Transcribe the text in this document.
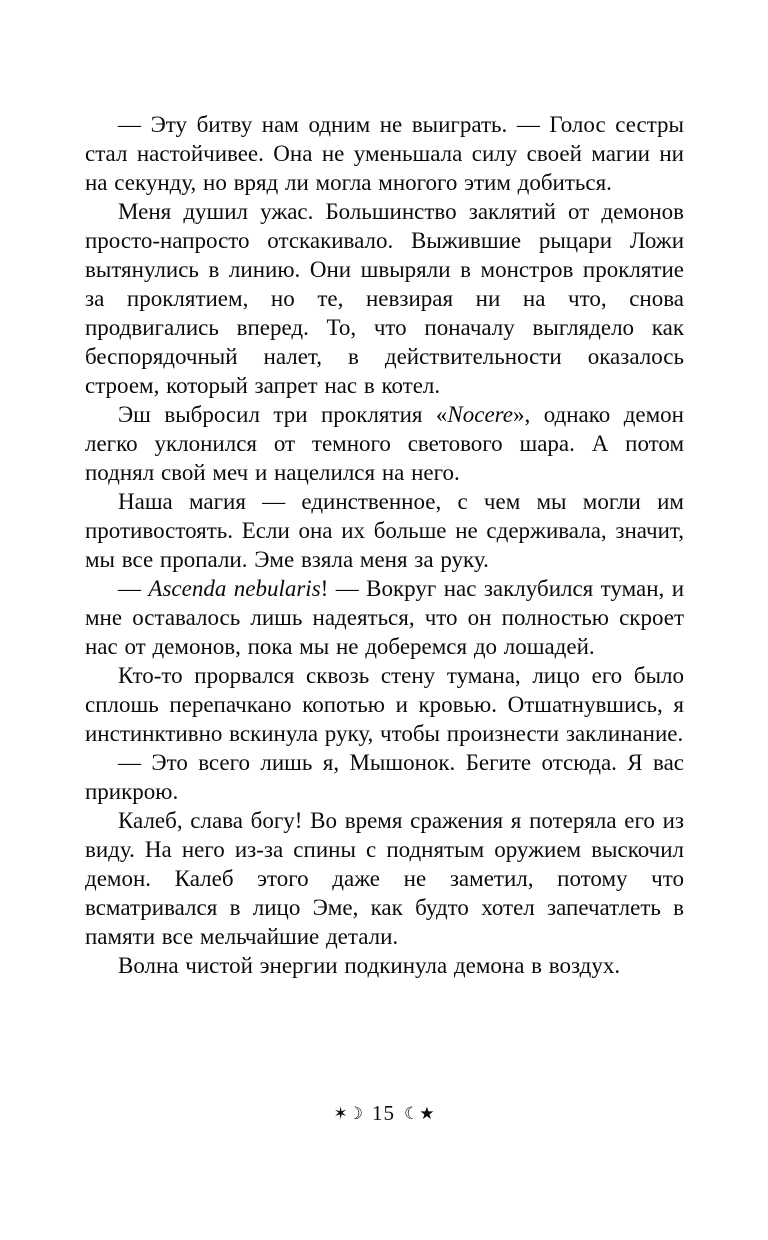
— Эту битву нам одним не выиграть. — Голос сестры стал настойчивее. Она не уменьшала силу своей магии ни на секунду, но вряд ли могла многого этим добиться.

Меня душил ужас. Большинство заклятий от демонов просто-напросто отскакивало. Выжившие рыцари Ложи вытянулись в линию. Они швыряли в монстров проклятие за проклятием, но те, невзирая ни на что, снова продвигались вперед. То, что поначалу выглядело как беспорядочный налет, в действительности оказалось строем, который запрет нас в котел.

Эш выбросил три проклятия «Nocere», однако демон легко уклонился от темного светового шара. А потом поднял свой меч и нацелился на него.

Наша магия — единственное, с чем мы могли им противостоять. Если она их больше не сдерживала, значит, мы все пропали. Эме взяла меня за руку.

— Ascenda nebularis! — Вокруг нас заклубился туман, и мне оставалось лишь надеяться, что он полностью скроет нас от демонов, пока мы не доберемся до лошадей.

Кто-то прорвался сквозь стену тумана, лицо его было сплошь перепачкано копотью и кровью. Отшатнувшись, я инстинктивно вскинула руку, чтобы произнести заклинание.

— Это всего лишь я, Мышонок. Бегите отсюда. Я вас прикрою.

Калеб, слава богу! Во время сражения я потеряла его из виду. На него из-за спины с поднятым оружием выскочил демон. Калеб этого даже не заметил, потому что всматривался в лицо Эме, как будто хотел запечатлеть в памяти все мельчайшие детали.

Волна чистой энергии подкинула демона в воздух.

✶☽ 15 ☾★
